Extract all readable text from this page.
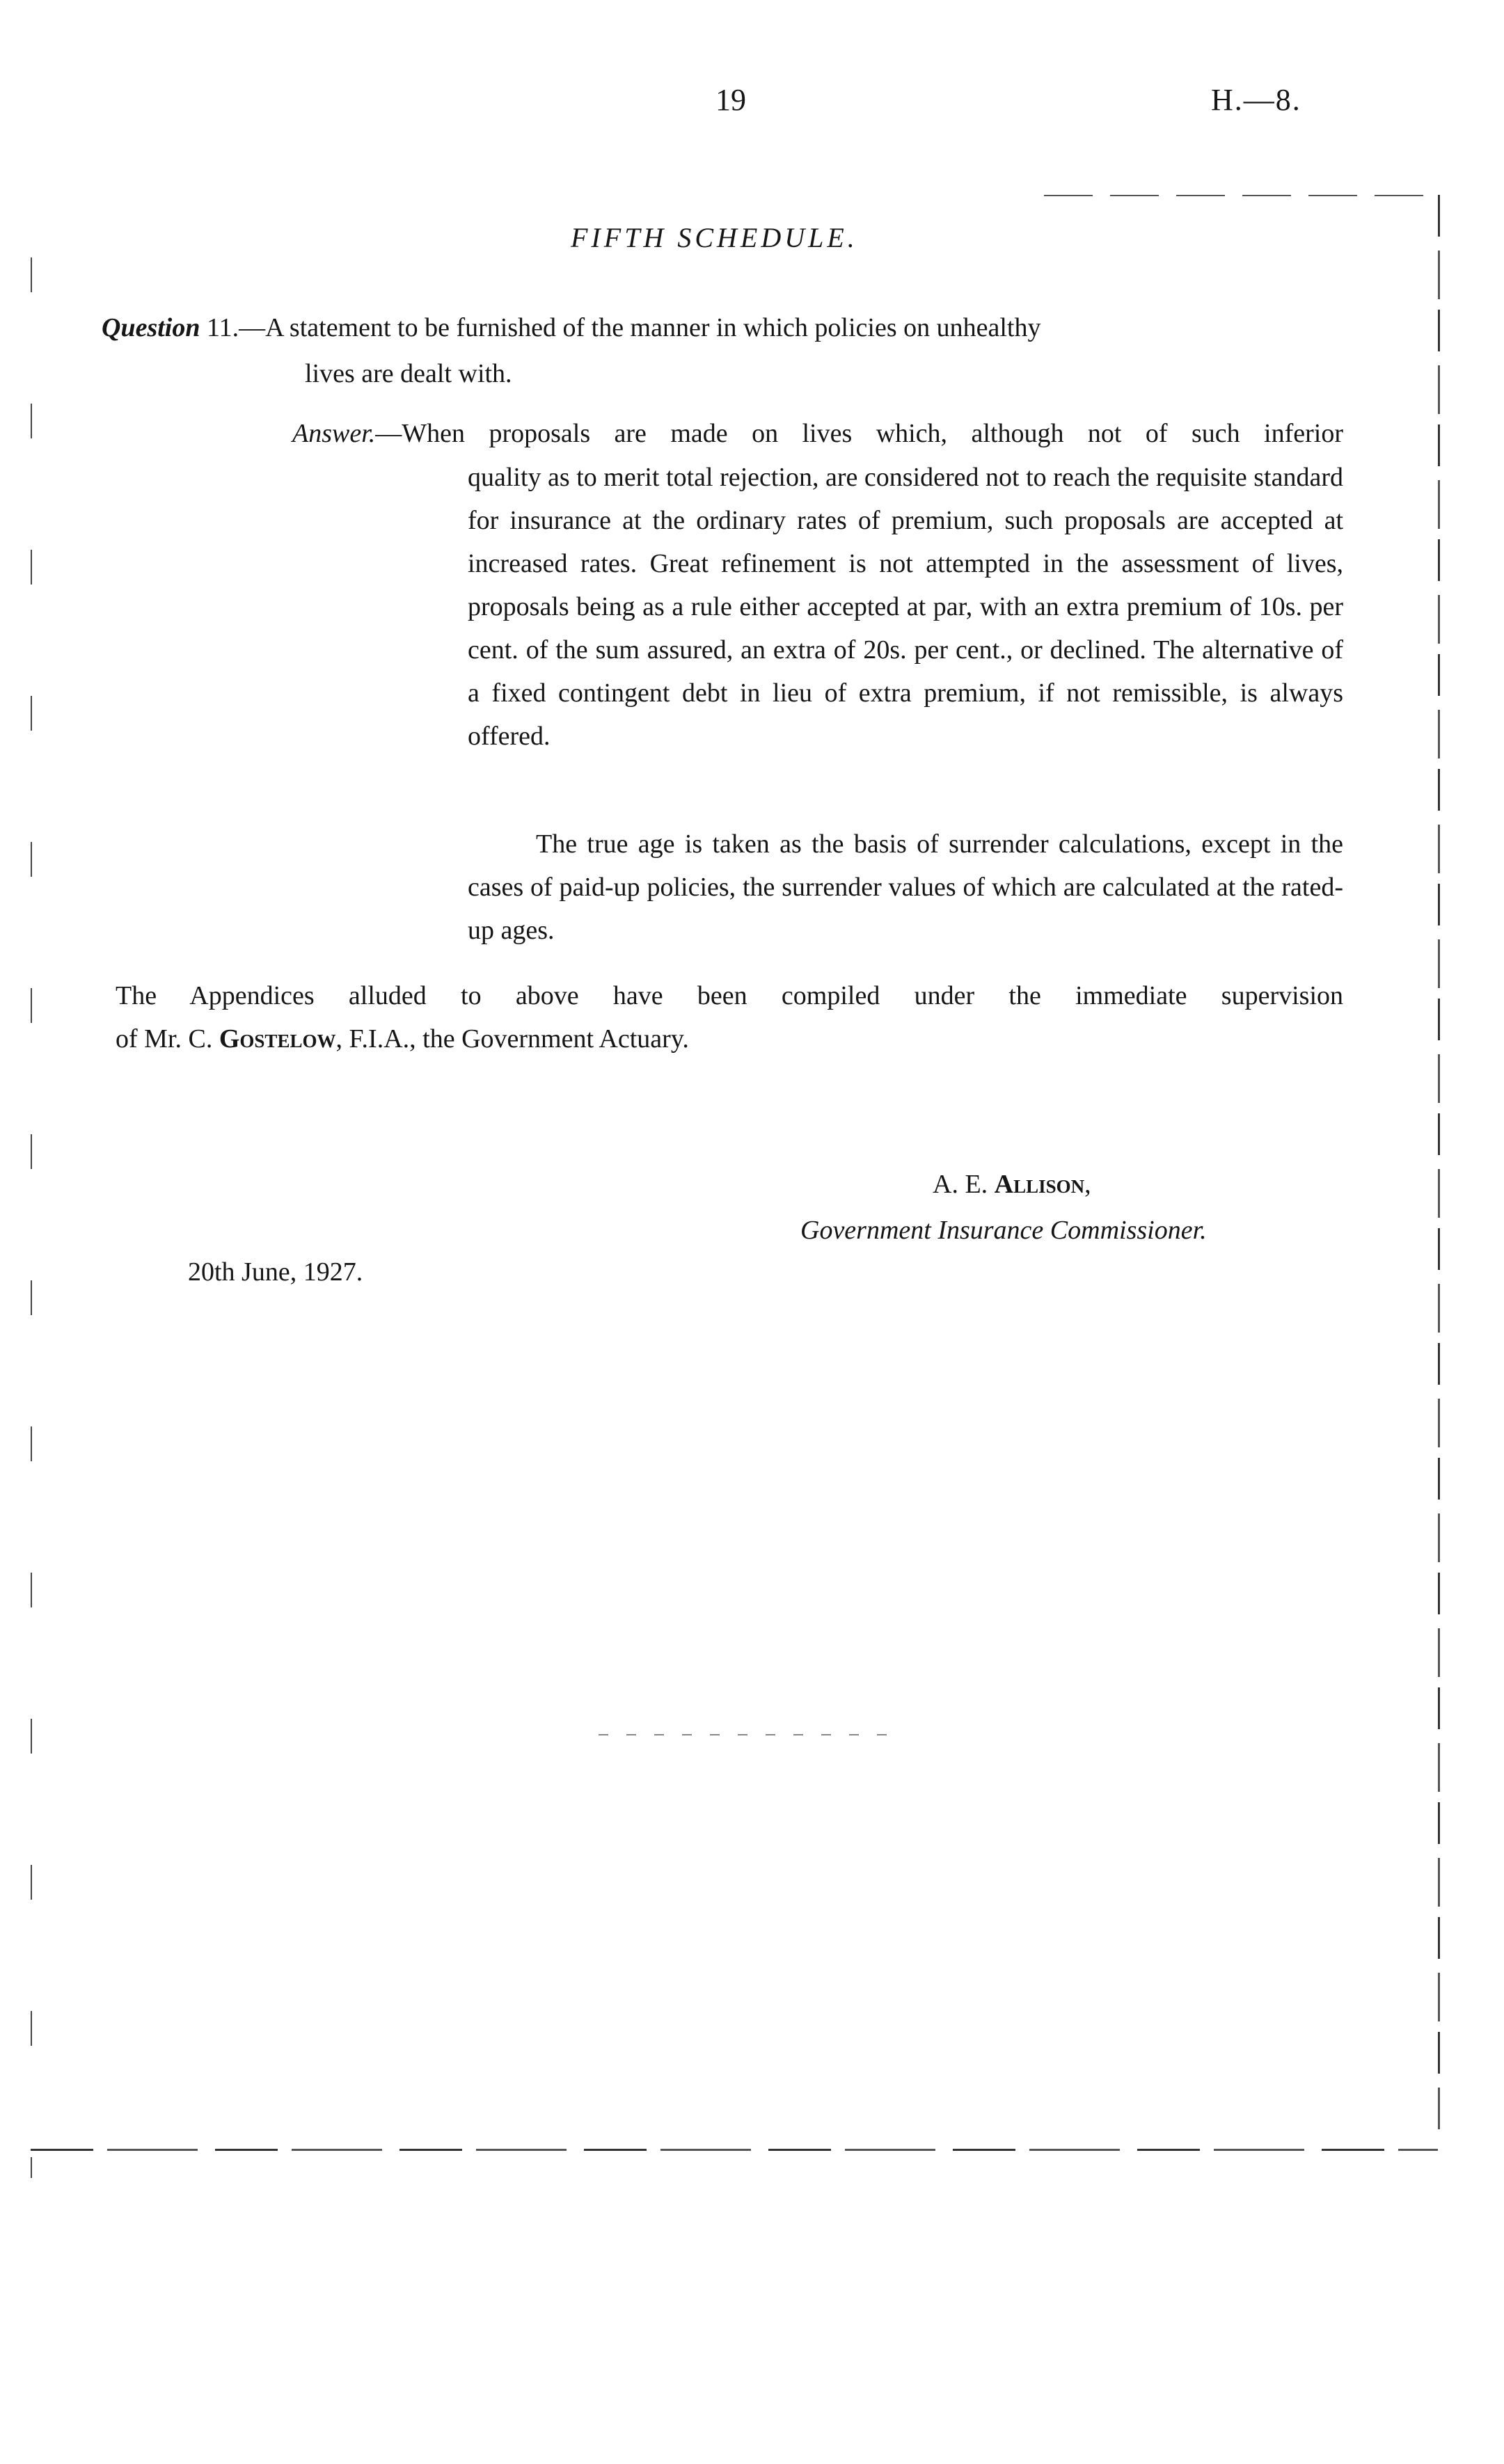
19	H.—8.
FIFTH SCHEDULE.
Question 11.—A statement to be furnished of the manner in which policies on unhealthy
lives are dealt with.
Answer.—When proposals are made on lives which, although not of such inferior
quality as to merit total rejection, are considered not to reach the requisite standard for insurance at the ordinary rates of premium, such proposals are accepted at increased rates. Great refinement is not attempted in the assessment of lives, proposals being as a rule either accepted at par, with an extra premium of 10s. per cent. of the sum assured, an extra of 20s. per cent., or declined. The alternative of a fixed contingent debt in lieu of extra premium, if not remissible, is always offered.
The true age is taken as the basis of surrender calculations, except in the cases of paid-up policies, the surrender values of which are calculated at the rated-up ages.
The Appendices alluded to above have been compiled under the immediate supervision
of Mr. C. Gostelow, F.I.A., the Government Actuary.
A. E. Allison,
Government Insurance Commissioner.
20th June, 1927.
